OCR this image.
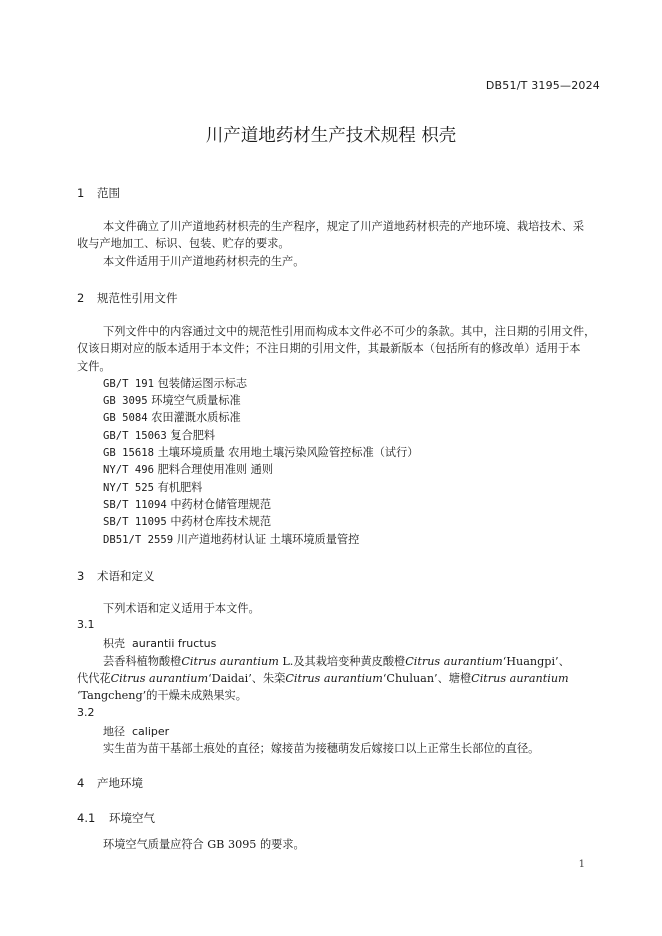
DB51/T 3195—2024
川产道地药材生产技术规程 枳壳
1 范围
本文件确立了川产道地药材枳壳的生产程序，规定了川产道地药材枳壳的产地环境、栽培技术、采
收与产地加工、标识、包装、贮存的要求。
本文件适用于川产道地药材枳壳的生产。
2 规范性引用文件
下列文件中的内容通过文中的规范性引用而构成本文件必不可少的条款。其中，注日期的引用文件，
仅该日期对应的版本适用于本文件；不注日期的引用文件，其最新版本（包括所有的修改单）适用于本
文件。
GB/T 191 包装储运图示标志
GB 3095 环境空气质量标准
GB 5084 农田灌溉水质标准
GB/T 15063 复合肥料
GB 15618 土壤环境质量 农用地土壤污染风险管控标准（试行）
NY/T 496 肥料合理使用准则 通则
NY/T 525 有机肥料
SB/T 11094 中药材仓储管理规范
SB/T 11095 中药材仓库技术规范
DB51/T 2559 川产道地药材认证 土壤环境质量管控
3 术语和定义
下列术语和定义适用于本文件。
3.1
枳壳 aurantii fructus
芸香科植物酸橙Citrus aurantium L.及其栽培变种黄皮酸橙Citrus aurantium‘Huangpi’、
代代花Citrus aurantium‘Daidai’、朱栾Citrus aurantium‘Chuluan’、塘橙Citrus aurantium
‘Tangcheng’的干燥未成熟果实。
3.2
地径 caliper
实生苗为苗干基部土痕处的直径；嫁接苗为接穗萌发后嫁接口以上正常生长部位的直径。
4 产地环境
4.1 环境空气
环境空气质量应符合 GB 3095 的要求。
1
